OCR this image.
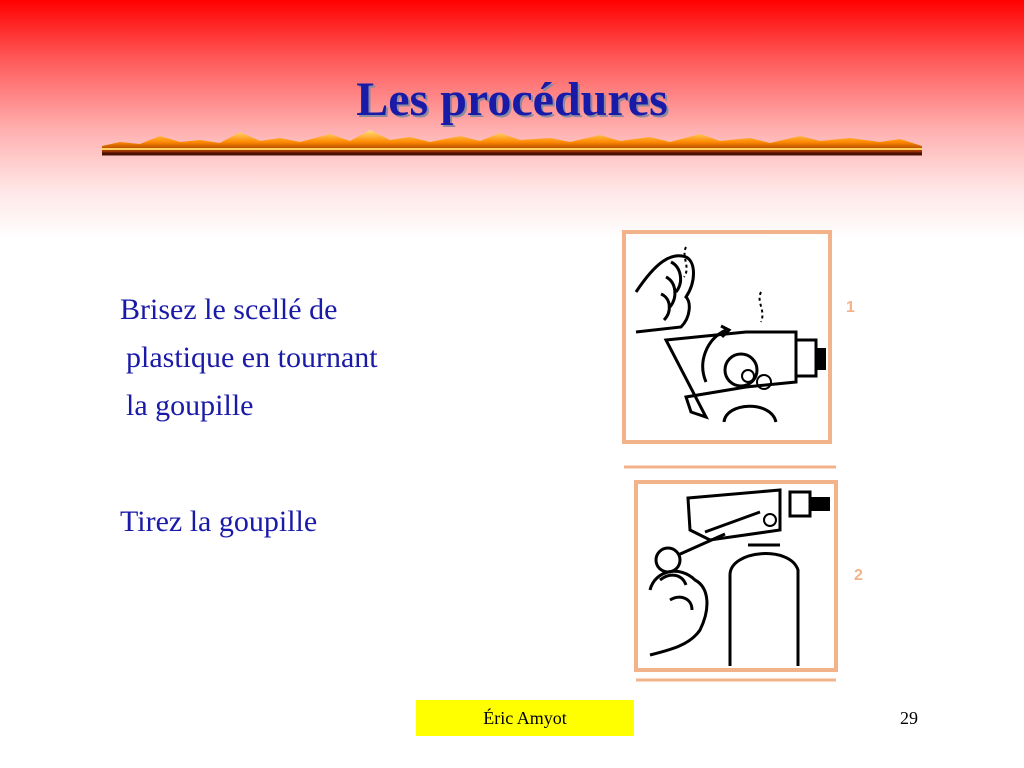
Les procédures
Brisez le scellé de
plastique en tournant
la goupille
Tirez la goupille
1
2
Éric Amyot	29
